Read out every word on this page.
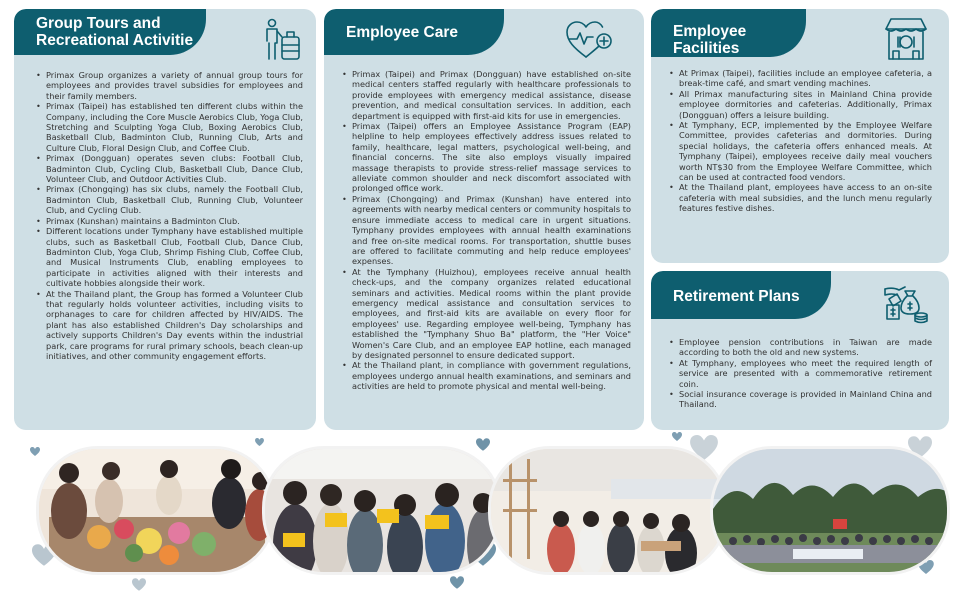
Group Tours and Recreational Activitie
• Primax Group organizes a variety of annual group tours for employees and provides travel subsidies for employees and their family members.
• Primax (Taipei) has established ten different clubs within the Company, including the Core Muscle Aerobics Club, Yoga Club, Stretching and Sculpting Yoga Club, Boxing Aerobics Club, Basketball Club, Badminton Club, Running Club, Arts and Culture Club, Floral Design Club, and Coffee Club.
• Primax (Dongguan) operates seven clubs: Football Club, Badminton Club, Cycling Club, Basketball Club, Dance Club, Volunteer Club, and Outdoor Activities Club.
• Primax (Chongqing) has six clubs, namely the Football Club, Badminton Club, Basketball Club, Running Club, Volunteer Club, and Cycling Club.
• Primax (Kunshan) maintains a Badminton Club.
• Different locations under Tymphany have established multiple clubs, such as Basketball Club, Football Club, Dance Club, Badminton Club, Yoga Club, Shrimp Fishing Club, Coffee Club, and Musical Instruments Club, enabling employees to participate in activities aligned with their interests and cultivate hobbies alongside their work.
• At the Thailand plant, the Group has formed a Volunteer Club that regularly holds volunteer activities, including visits to orphanages to care for children affected by HIV/AIDS. The plant has also established Children's Day scholarships and actively supports Children's Day events within the industrial park, care programs for rural primary schools, beach clean-up initiatives, and other community engagement efforts.
Employee Care
• Primax (Taipei) and Primax (Dongguan) have established on-site medical centers staffed regularly with healthcare professionals to provide employees with emergency medical assistance, disease prevention, and medical consultation services. In addition, each department is equipped with first-aid kits for use in emergencies.
• Primax (Taipei) offers an Employee Assistance Program (EAP) helpline to help employees effectively address issues related to family, healthcare, legal matters, psychological well-being, and financial concerns. The site also employs visually impaired massage therapists to provide stress-relief massage services to alleviate common shoulder and neck discomfort associated with prolonged office work.
• Primax (Chongqing) and Primax (Kunshan) have entered into agreements with nearby medical centers or community hospitals to ensure immediate access to medical care in urgent situations. Tymphany provides employees with annual health examinations and free on-site medical rooms. For transportation, shuttle buses are offered to facilitate commuting and help reduce employees' expenses.
• At the Tymphany (Huizhou), employees receive annual health check-ups, and the company organizes related educational seminars and activities. Medical rooms within the plant provide emergency medical assistance and consultation services to employees, and first-aid kits are available on every floor for employees' use. Regarding employee well-being, Tymphany has established the "Tymphany Shuo Ba" platform, the "Her Voice" Women's Care Club, and an employee EAP hotline, each managed by designated personnel to ensure dedicated support.
• At the Thailand plant, in compliance with government regulations, employees undergo annual health examinations, and seminars and activities are held to promote physical and mental well-being.
Employee Facilities
• At Primax (Taipei), facilities include an employee cafeteria, a break-time café, and smart vending machines.
• All Primax manufacturing sites in Mainland China provide employee dormitories and cafeterias. Additionally, Primax (Dongguan) offers a leisure building.
• At Tymphany, ECP, implemented by the Employee Welfare Committee, provides cafeterias and dormitories. During special holidays, the cafeteria offers enhanced meals. At Tymphany (Taipei), employees receive daily meal vouchers worth NT$30 from the Employee Welfare Committee, which can be used at contracted food vendors.
• At the Thailand plant, employees have access to an on-site cafeteria with meal subsidies, and the lunch menu regularly features festive dishes.
Retirement Plans
• Employee pension contributions in Taiwan are made according to both the old and new systems.
• At Tymphany, employees who meet the required length of service are presented with a commemorative retirement coin.
• Social insurance coverage is provided in Mainland China and Thailand.
